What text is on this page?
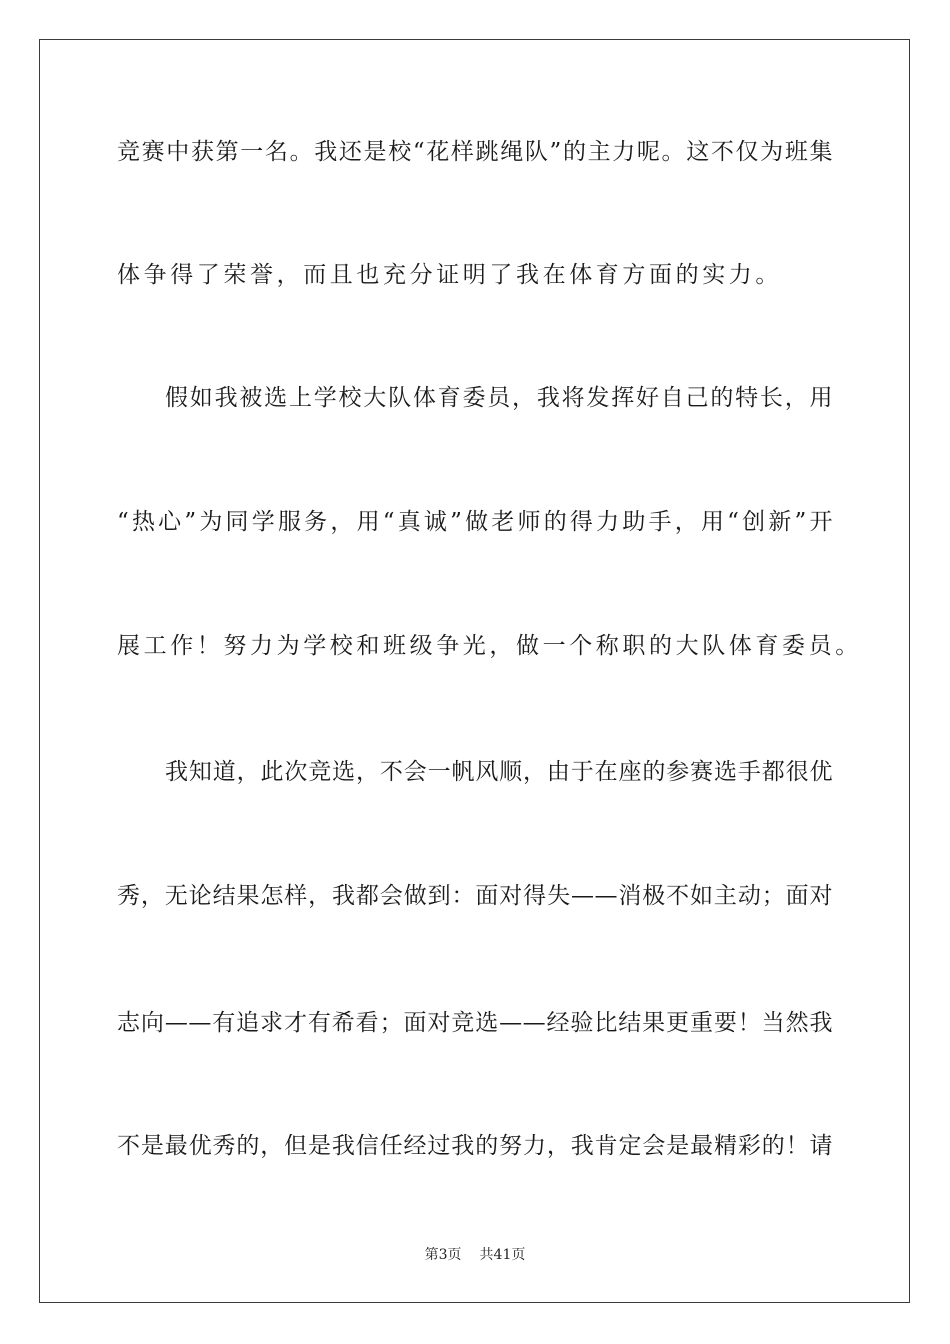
竞赛中获第一名。我还是校“花样跳绳队”的主力呢。这不仅为班集
体争得了荣誉，而且也充分证明了我在体育方面的实力。
假如我被选上学校大队体育委员，我将发挥好自己的特长，用
“热心”为同学服务，用“真诚”做老师的得力助手，用“创新”开
展工作！努力为学校和班级争光，做一个称职的大队体育委员。
我知道，此次竞选，不会一帆风顺，由于在座的参赛选手都很优
秀，无论结果怎样，我都会做到：面对得失——消极不如主动；面对
志向——有追求才有希看；面对竞选——经验比结果更重要！当然我
不是最优秀的，但是我信任经过我的努力，我肯定会是最精彩的！请
第3页 共41页
